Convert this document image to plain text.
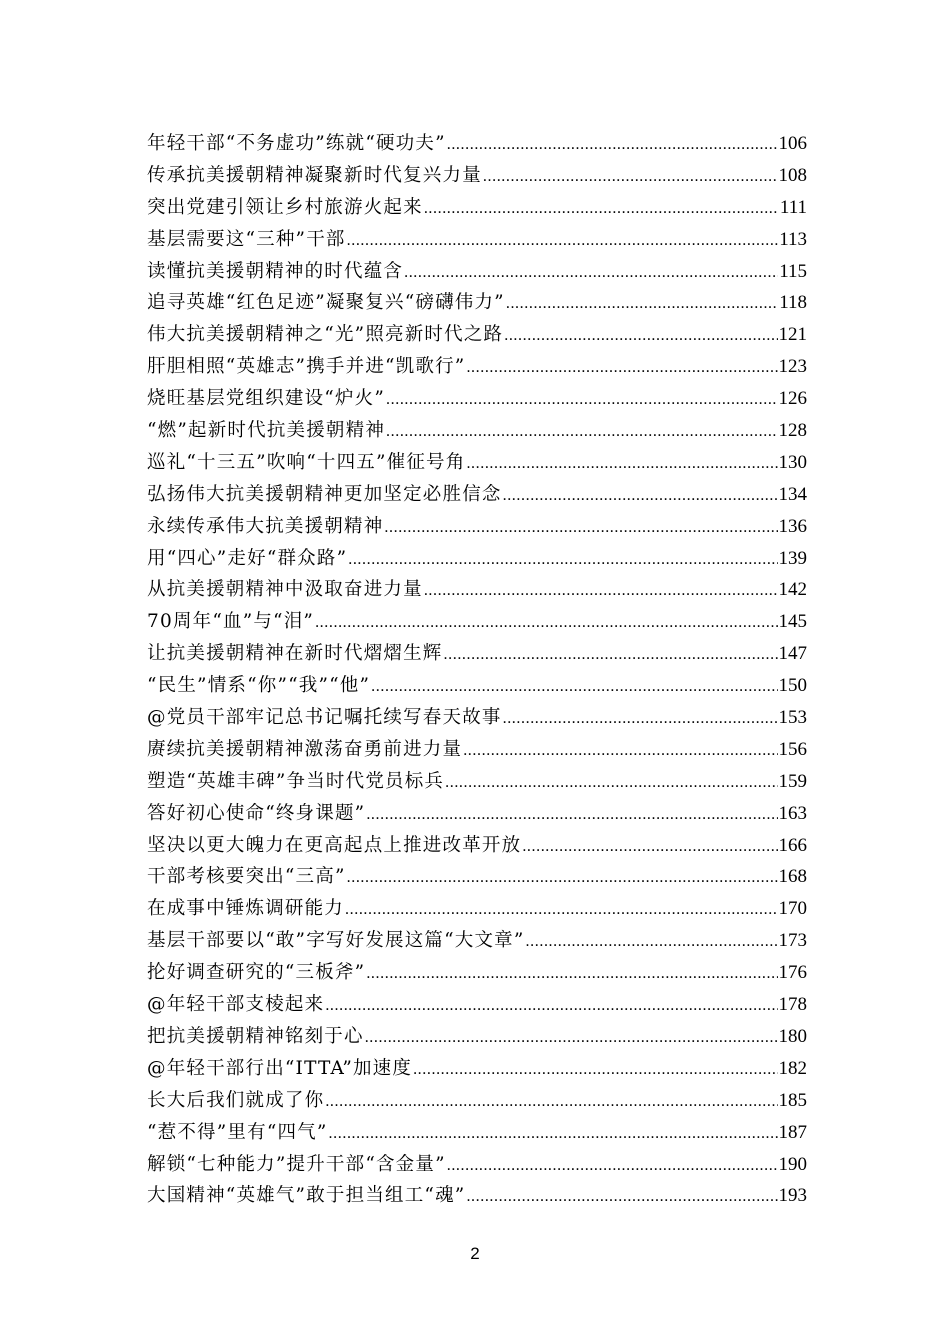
年轻干部“不务虚功”练就“硬功夫” .....	106
传承抗美援朝精神凝聚新时代复兴力量 .....	108
突出党建引领让乡村旅游火起来 .....	111
基层需要这“三种”干部 .....	113
读懂抗美援朝精神的时代蕴含 .....	115
追寻英雄“红色足迹”凝聚复兴“磅礴伟力” .....	118
伟大抗美援朝精神之“光”照亮新时代之路 .....	121
肝胆相照“英雄志”携手并进“凯歌行” .....	123
烧旺基层党组织建设“炉火” .....	126
“燃”起新时代抗美援朝精神 .....	128
巡礼“十三五”吹响“十四五”催征号角 .....	130
弘扬伟大抗美援朝精神更加坚定必胜信念 .....	134
永续传承伟大抗美援朝精神 .....	136
用“四心”走好“群众路” .....	139
从抗美援朝精神中汲取奋进力量 .....	142
70周年“血”与“泪” .....	145
让抗美援朝精神在新时代熠熠生辉 .....	147
“民生”情系“你”“我”“他” .....	150
@党员干部牢记总书记嘱托续写春天故事 .....	153
赓续抗美援朝精神激荡奋勇前进力量 .....	156
塑造“英雄丰碑”争当时代党员标兵 .....	159
答好初心使命“终身课题” .....	163
坚决以更大魄力在更高起点上推进改革开放 .....	166
干部考核要突出“三高” .....	168
在成事中锤炼调研能力 .....	170
基层干部要以“敢”字写好发展这篇“大文章” .....	173
抡好调查研究的“三板斧” .....	176
@年轻干部支棱起来 .....	178
把抗美援朝精神铭刻于心 .....	180
@年轻干部行出“ITTA”加速度 .....	182
长大后我们就成了你 .....	185
“惹不得”里有“四气” .....	187
解锁“七种能力”提升干部“含金量” .....	190
大国精神“英雄气”敢于担当组工“魂” .....	193
2
